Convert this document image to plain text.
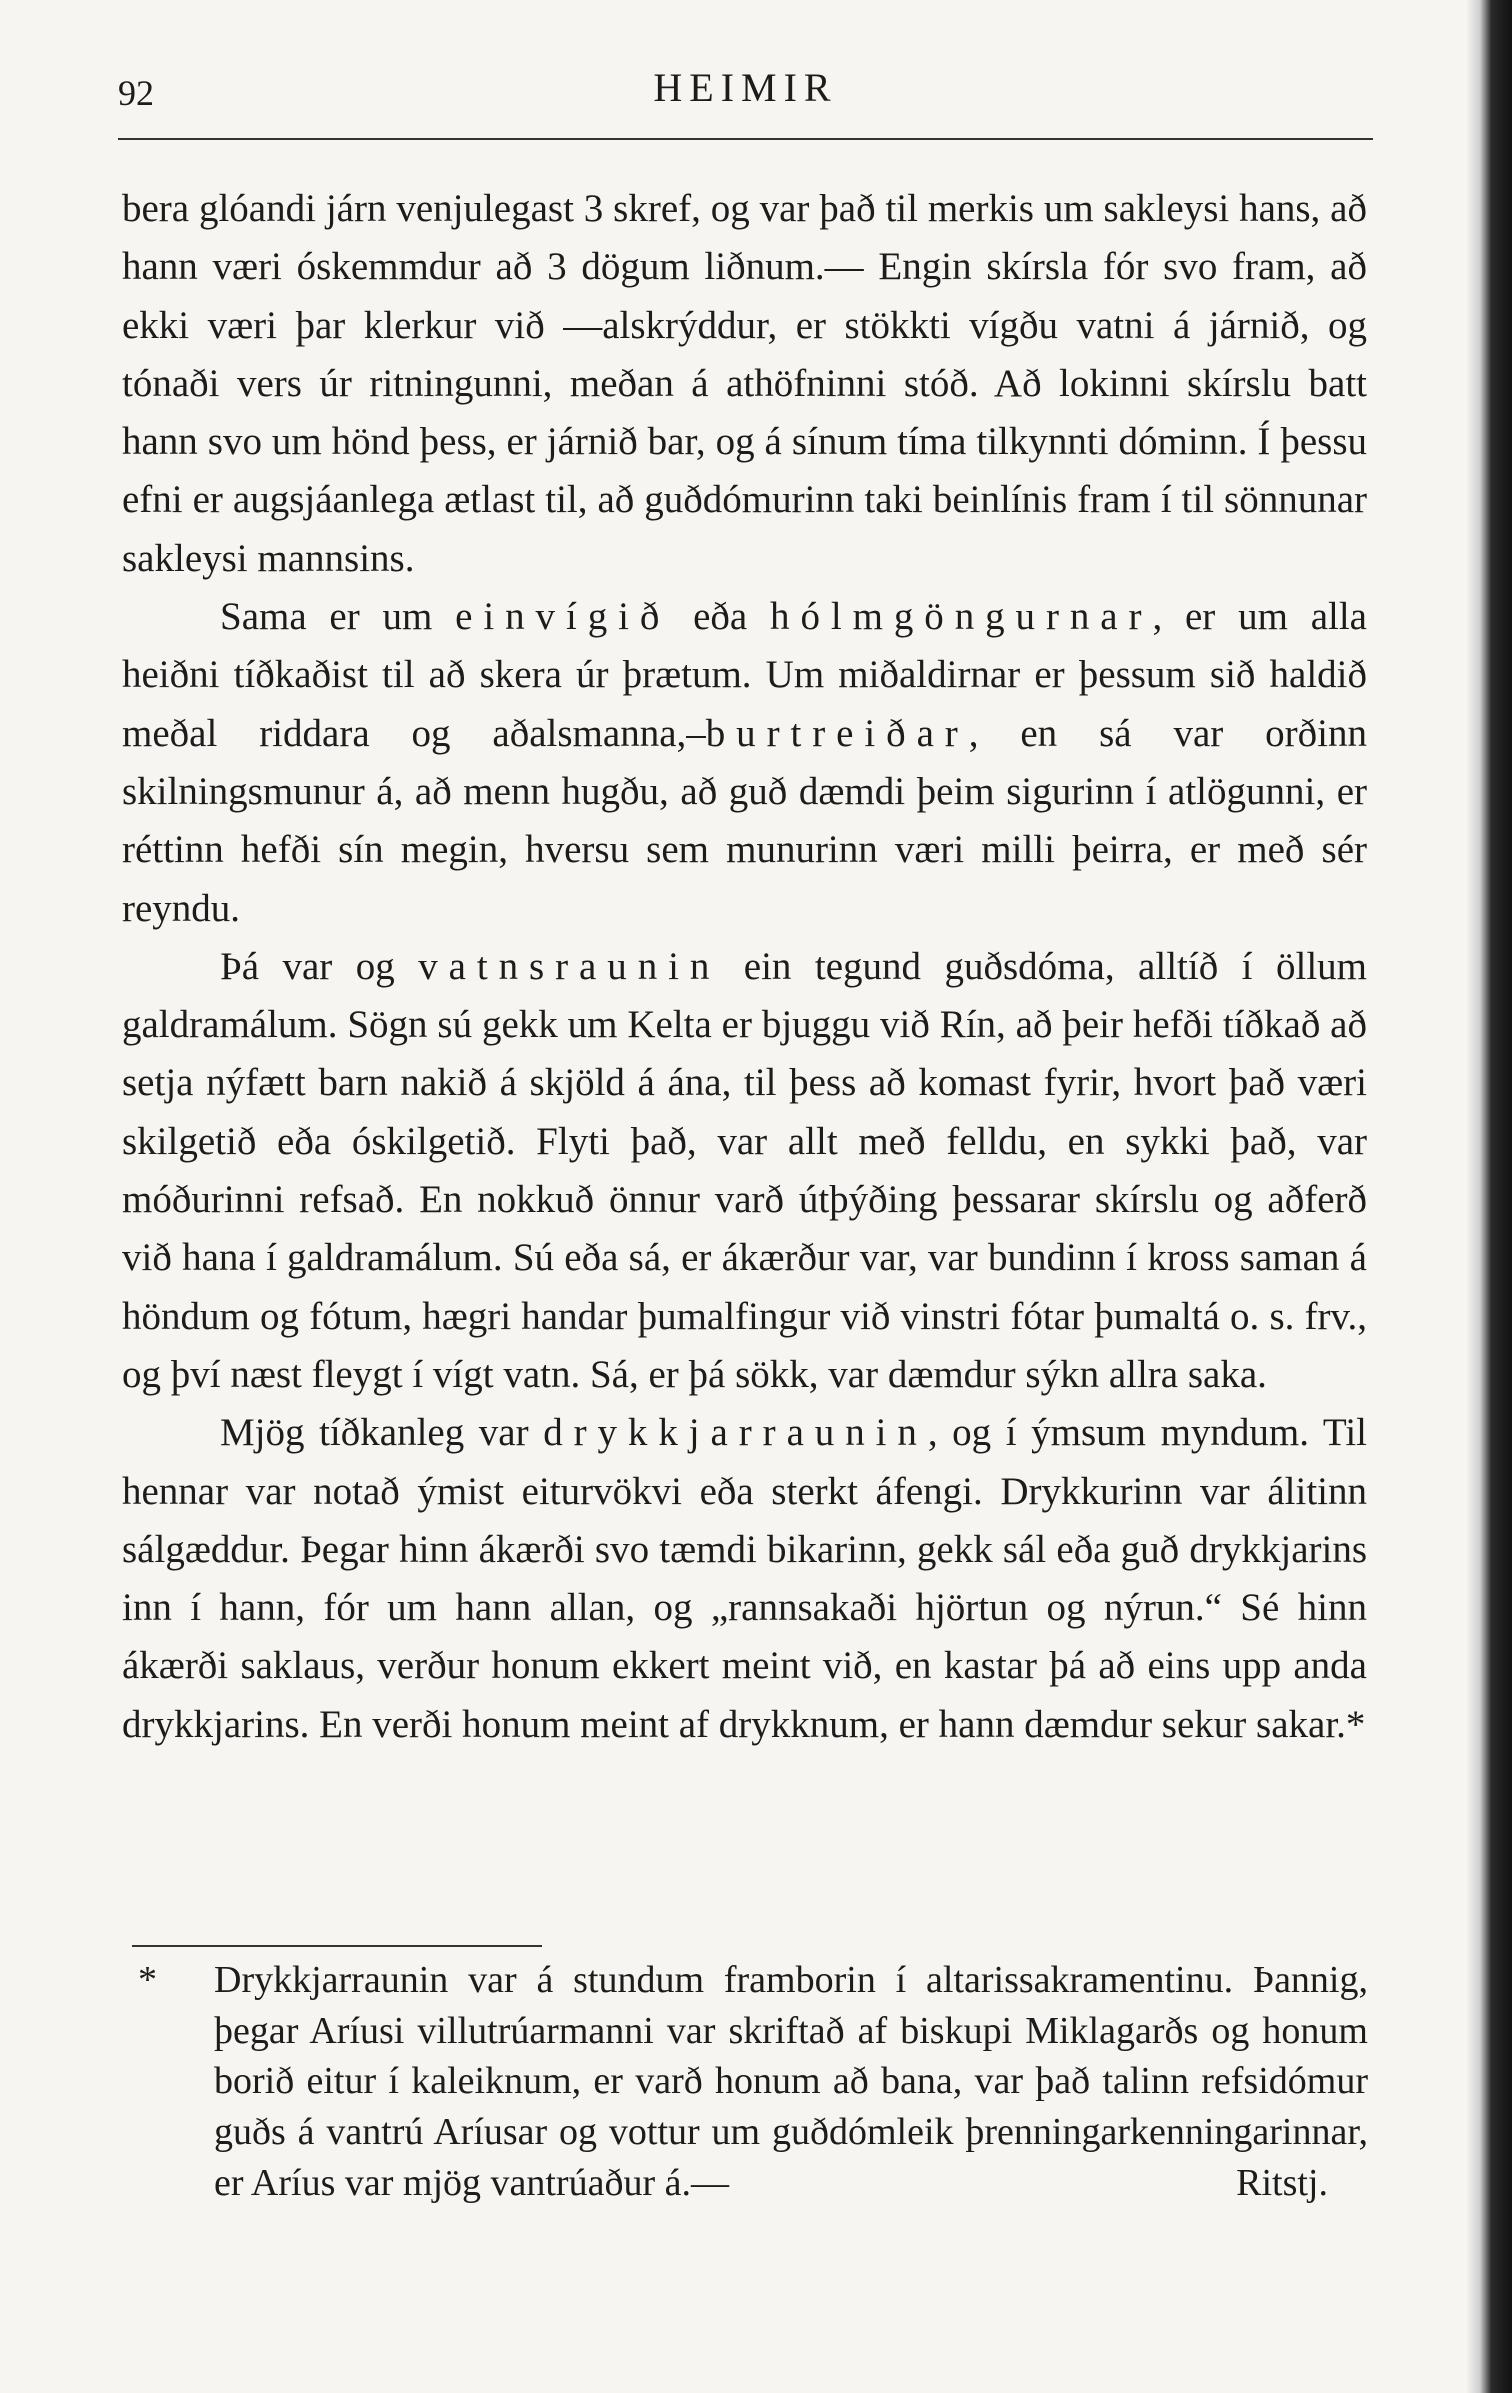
92	HEIMIR

bera glóandi járn venjulegast 3 skref, og var það til merkis um sakleysi hans, að hann væri óskemmdur að 3 dögum liðnum.— Engin skírsla fór svo fram, að ekki væri þar klerkur við —alskrýddur, er stökkti vígðu vatni á járnið, og tónaði vers úr ritningunni, meðan á athöfninni stóð. Að lokinni skírslu batt hann svo um hönd þess, er járnið bar, og á sínum tíma tilkynnti dóminn. Í þessu efni er augsjáanlega ætlast til, að guðdómurinn taki beinlínis fram í til sönnunar sakleysi mannsins.

Sama er um einvígið eða hólmgöngurnar, er um alla heiðni tíðkaðist til að skera úr þrætum. Um miðaldirnar er þessum sið haldið meðal riddara og aðalsmanna,–burtreiðar, en sá var orðinn skilningsmunur á, að menn hugðu, að guð dæmdi þeim sigurinn í atlögunni, er réttinn hefði sín megin, hversu sem munurinn væri milli þeirra, er með sér reyndu.

Þá var og vatnsraunin ein tegund guðsdóma, alltíð í öllum galdramálum. Sögn sú gekk um Kelta er bjuggu við Rín, að þeir hefði tíðkað að setja nýfætt barn nakið á skjöld á ána, til þess að komast fyrir, hvort það væri skilgetið eða óskilgetið. Flyti það, var allt með felldu, en sykki það, var móðurinni refsað. En nokkuð önnur varð útþýðing þessarar skírslu og aðferð við hana í galdramálum. Sú eða sá, er ákærður var, var bundinn í kross saman á höndum og fótum, hægri handar þumalfingur við vinstri fótar þumaltá o. s. frv., og því næst fleygt í vígt vatn. Sá, er þá sökk, var dæmdur sýkn allra saka.

Mjög tíðkanleg var drykkjarraunin, og í ýmsum myndum. Til hennar var notað ýmist eiturvökvi eða sterkt áfengi. Drykkurinn var álitinn sálgæddur. Þegar hinn ákærði svo tæmdi bikarinn, gekk sál eða guð drykkjarins inn í hann, fór um hann allan, og „rannsakaði hjörtun og nýrun.“ Sé hinn ákærði saklaus, verður honum ekkert meint við, en kastar þá að eins upp anda drykkjarins. En verði honum meint af drykknum, er hann dæmdur sekur sakar.*

* Drykkjarraunin var á stundum framborin í altarissakramentinu. Þannig, þegar Aríusi villutrúarmanni var skriftað af biskupi Miklagarðs og honum borið eitur í kaleiknum, er varð honum að bana, var það talinn refsidómur guðs á vantrú Aríusar og vottur um guðdómleik þrenningarkenningarinnar, er Aríus var mjög vantrúaður á.—	Ritstj.
